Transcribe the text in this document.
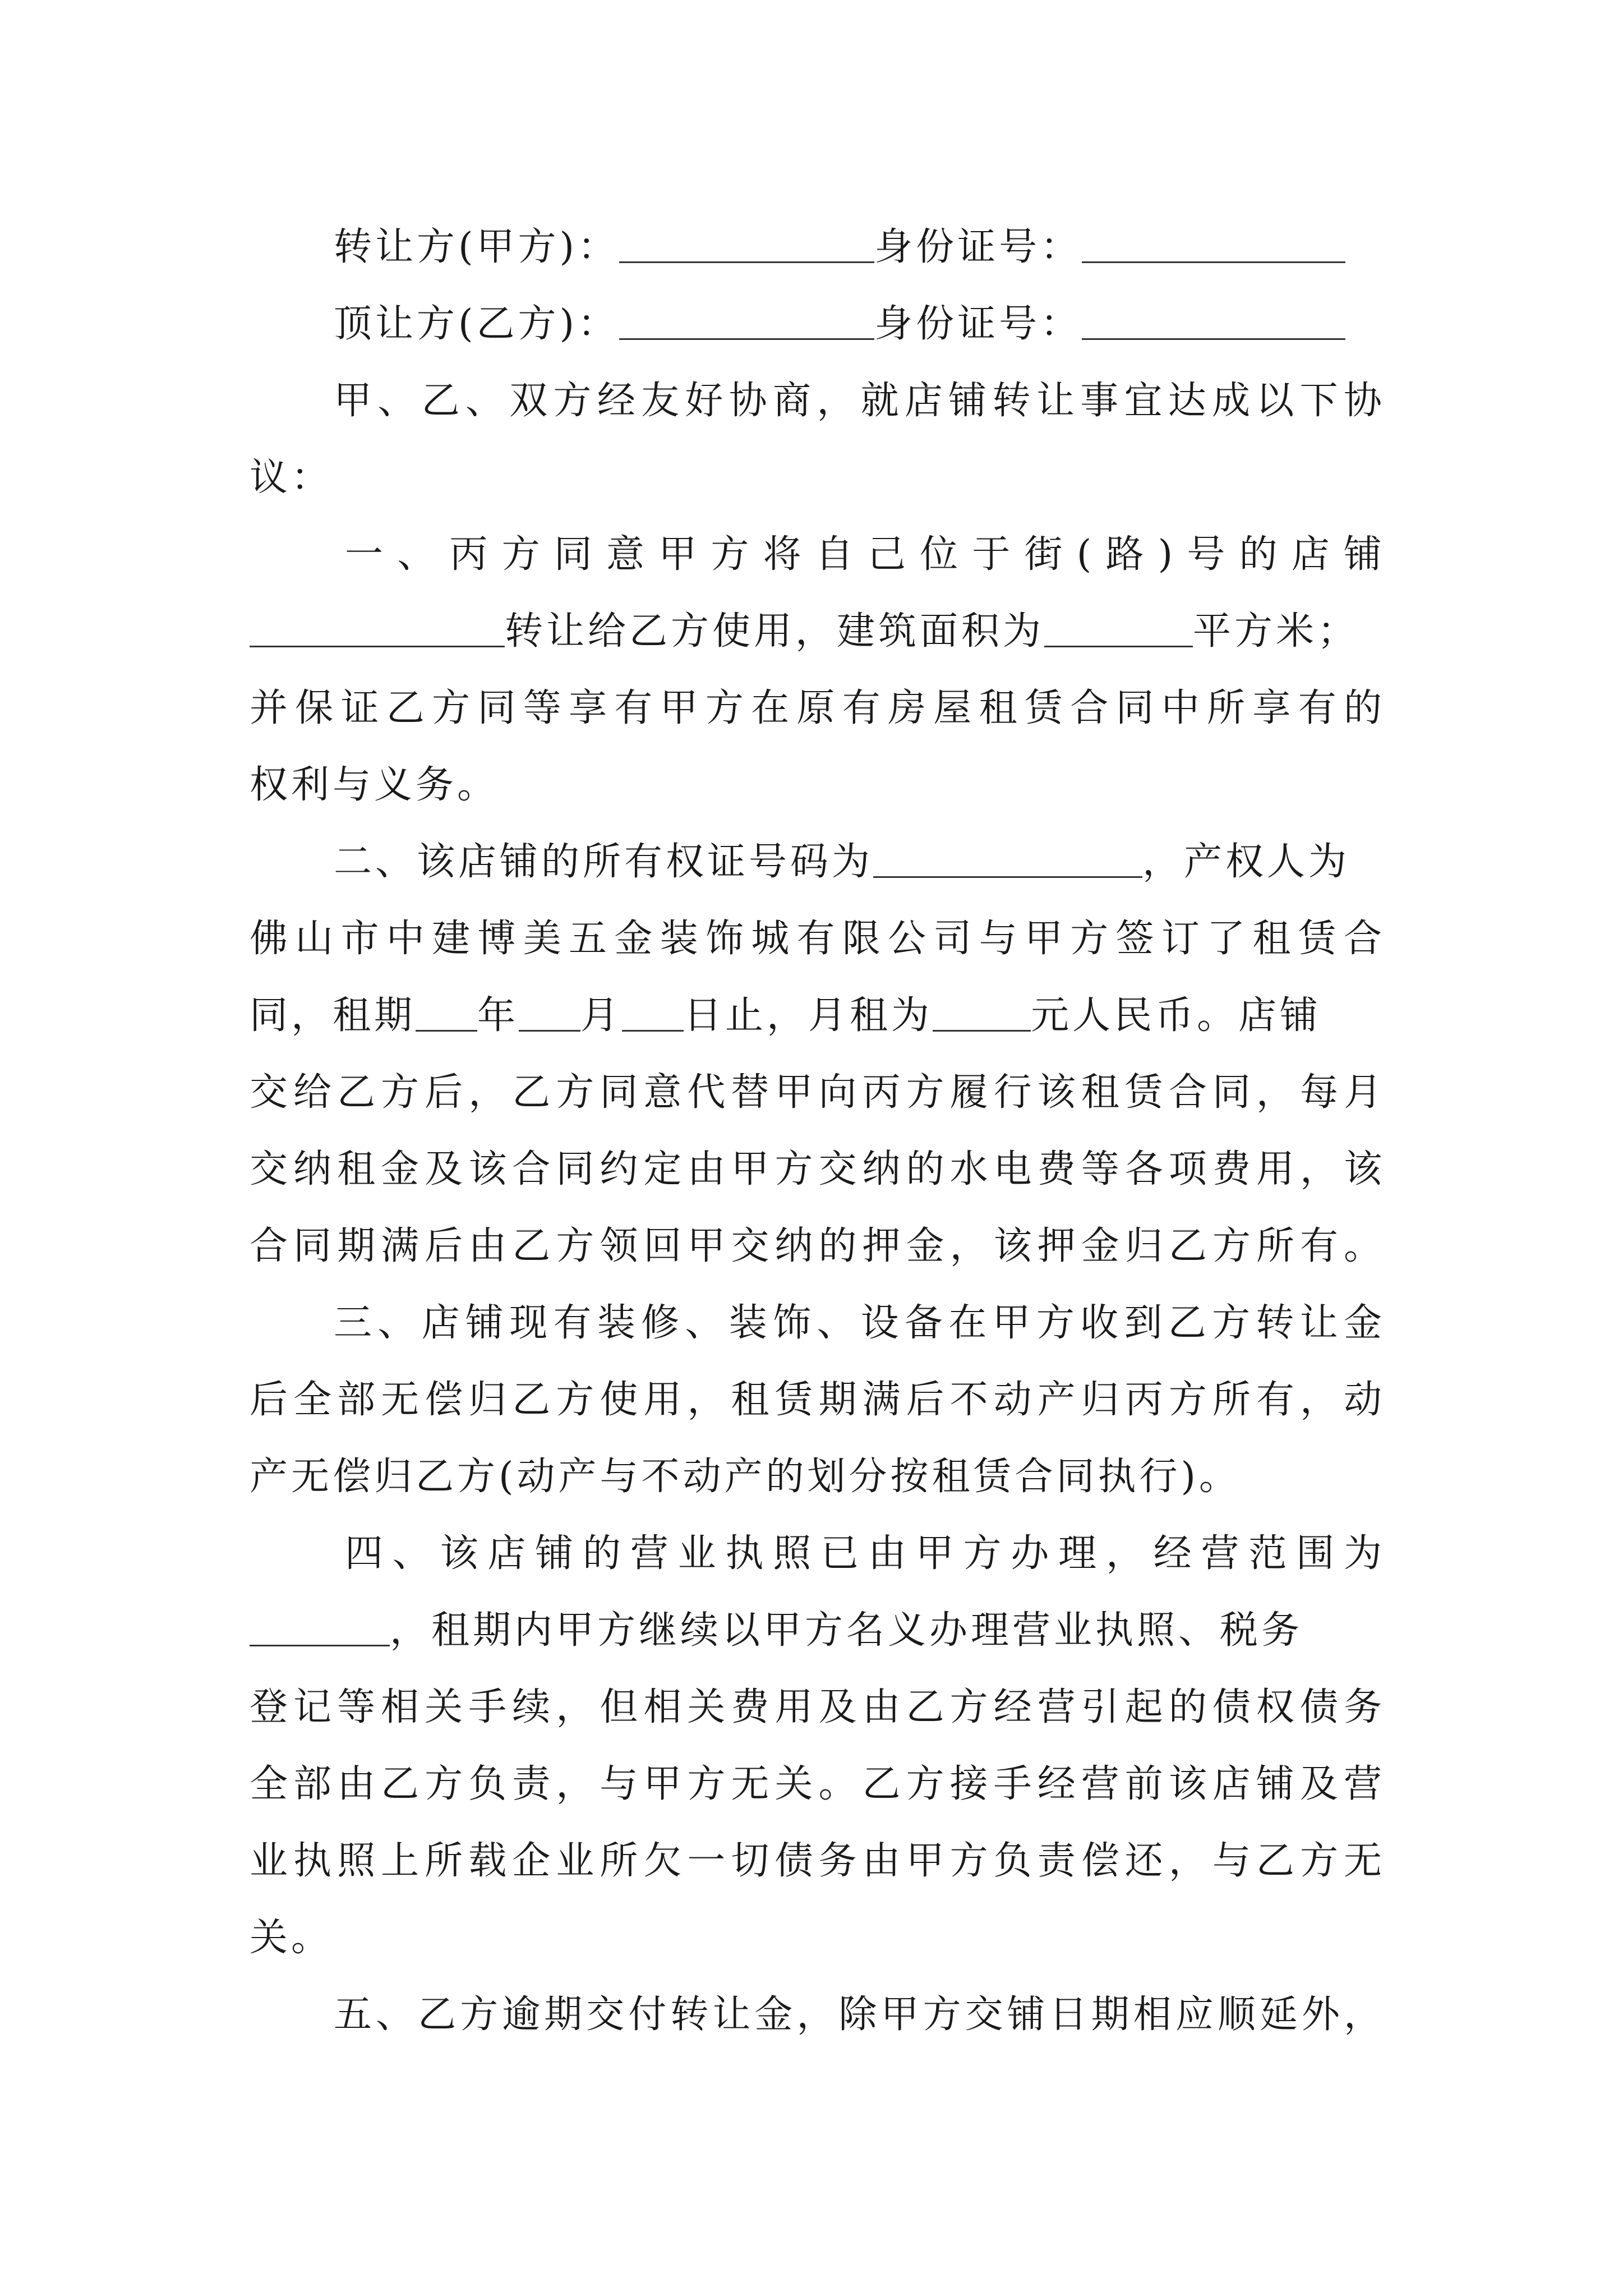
转让方(甲方)：	身份证号：
顶让方(乙方)：	身份证号：
甲、乙、双方经友好协商，就店铺转让事宜达成以下协
议：
一、丙方同意甲方将自己位于街(路)号的店铺
转让给乙方使用，建筑面积为	平方米；
并保证乙方同等享有甲方在原有房屋租赁合同中所享有的
权利与义务。
二、该店铺的所有权证号码为	，产权人为
佛山市中建博美五金装饰城有限公司与甲方签订了租赁合
同，租期 年 月 日止，月租为	元人民币。店铺
交给乙方后，乙方同意代替甲向丙方履行该租赁合同，每月
交纳租金及该合同约定由甲方交纳的水电费等各项费用，该
合同期满后由乙方领回甲交纳的押金，该押金归乙方所有。
三、店铺现有装修、装饰、设备在甲方收到乙方转让金
后全部无偿归乙方使用，租赁期满后不动产归丙方所有，动
产无偿归乙方(动产与不动产的划分按租赁合同执行)。
四、该店铺的营业执照已由甲方办理，经营范围为
，租期内甲方继续以甲方名义办理营业执照、税务
登记等相关手续，但相关费用及由乙方经营引起的债权债务
全部由乙方负责，与甲方无关。乙方接手经营前该店铺及营
业执照上所载企业所欠一切债务由甲方负责偿还，与乙方无
关。
五、乙方逾期交付转让金，除甲方交铺日期相应顺延外，
